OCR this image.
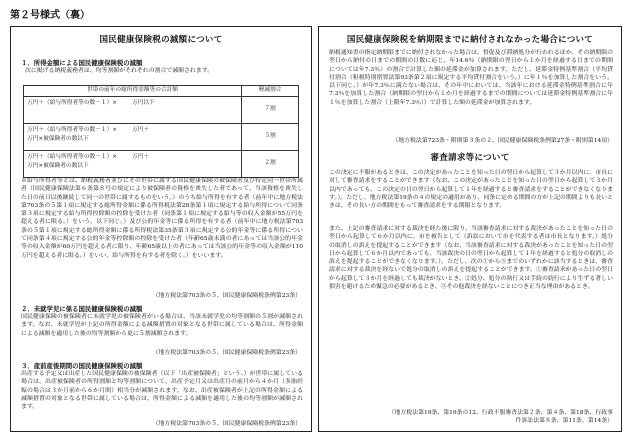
第２号様式（裏）
国民健康保険税の減額について
１．所得金額による国民健康保険税の減額
次に掲げる納税義務者は、均等割額がそれぞれの割合で減額されます。
世帯の前年の総所得金額等の合計額	軽減割合

万円＋（給与所得者等の数－１）× 万円以下	７割

万円＋（給与所得者等の数－１）× 万円＋
万円×被保険者の数以下	５割

万円＋（給与所得者等の数－１）× 万円＋
万円×被保険者の数以下	２割
※給与所得者等とは、納税義務者並びにその世帯に属する国民健康保険の被保険者及び特定同一世帯所属者（国民健康保険法第６条第８号の規定により被保険者の資格を喪失した者であって、当該資格を喪失した日の前日以後継続して同一の世帯に属するものをいう。）のうち給与所得を有する者（前年中に地方税法第703条の５第１項に規定する総所得金額に係る所得税法第28条第１項に規定する給与所得について同条第３項に規定する給与所得控除額の控除を受けた者（同条第１項に規定する給与等の収入金額が55万円を超える者に限る。）をいう。以下同じ。）及び公的年金等に係る所得を有する者（前年中に地方税法第703条の５第１項に規定する総所得金額に係る所得税法第35条第３項に規定する公的年金等に係る所得について同条第４項に規定する公的年金等控除額の控除を受けた者（年齢65歳未満の者にあっては当該公的年金等の収入金額が60万円を超える者に限り、年齢65歳以上の者にあっては当該公的年金等の収入金額が110万円を超える者に限る。）をいい、給与所得を有する者を除く。）をいいます。
（地方税法第703条の５、国民健康保険税条例第23条）
２．未就学児に係る国民健康保険税の減額
国民健康保険の被保険者に未就学児の被保険者がいる場合は、当該未就学児の均等割額の５割が減額されます。なお、未就学児が上記の所得金額による減額措置の対象となる世帯に属している場合は、所得金額による減額を適用した後の均等割額から更に５割減額されます。
（地方税法第703条の５、国民健康保険税条例第23条）
３．産前産後期間の国民健康保険税の減額
出産する予定又は出産した国民健康保険の被保険者（以下「出産被保険者」という。）が世帯に属している場合は、出産被保険者の所得割額と均等割額について、出産予定月又は出産月の前月から４か月（多胎妊娠の場合は３か月前から６か月間）相当分が減額されます。なお、出産被保険者が上記の所得金額による減額措置の対象となる世帯に属している場合は、所得金額による減額を適用した後の均等割額が減額されます。
（地方税法第703条の５、国民健康保険税条例第23条）
国民健康保険税を納期限までに納付されなかった場合について
納税通知書の指定納期限までに納付されなかった場合は、督促及び滞納処分が行われるほか、その納期限の翌日から納付の日までの期間の日数に応じ、年14.6％（納期限の翌日から１か月を経過する日までの期間については年7.3％）の割合で計算した額の延滞金が加算されます。ただし、延滞金特例基準割合（平均貸付割合（租税特別措置法第93条第２項に規定する平均貸付割合をいう。）に年１％を加算した割合をいう。以下同じ。）が年7.3％に満たない場合は、その年中においては、当該年における延滞金特例基準割合に年7.3％を加算した割合（納期限の翌日から１か月を経過するまでの期間については延滞金特例基準割合に年１％を加算した割合（上限年7.3％））で計算した額の延滞金が加算されます。
（地方税法第723条・附則第３条の２、国民健康保険税条例第27条・附則第14項）
審査請求等について
この決定に不服があるときは、この決定があったことを知った日の翌日から起算して３か月以内に、市長に対して審査請求をすることができます（なお、この決定があったことを知った日の翌日から起算して３か月以内であっても、この決定の日の翌日から起算して１年を経過すると審査請求をすることができなくなります。）。ただし、地方税法第19条の４の規定の適用があり、同条に定める期間の方が上記の期間よりも長いときは、その長い方の期間をもって審査請求をする期限となります。
また、上記の審査請求に対する裁決を経た後に限り、当該審査請求に対する裁決があったことを知った日の翌日から起算して６か月以内に、市を被告として（訴訟において市を代表する者は市長となります。）処分の取消しの訴えを提起することができます（なお、当該審査請求に対する裁決があったことを知った日の翌日から起算して６か月以内であっても、当該裁決の日の翌日から起算して１年を経過すると処分の取消しの訴えを提起することができなくなります。）。ただし、次の①から③までのいずれかに該当するときは、審査請求に対する裁決を経ないで処分の取消しの訴えを提起することができます。①審査請求があった日の翌日から起算して３か月を経過しても裁決がないとき、②処分、処分の執行又は手続の続行により生ずる著しい損害を避けるため緊急の必要があるとき、③その他裁決を経ないことにつき正当な理由があるとき。
（地方税法第19条、第19条の12、行政不服審査法第２条、第４条、第18条、行政事件訴訟法第８条、第11条、第14条）
